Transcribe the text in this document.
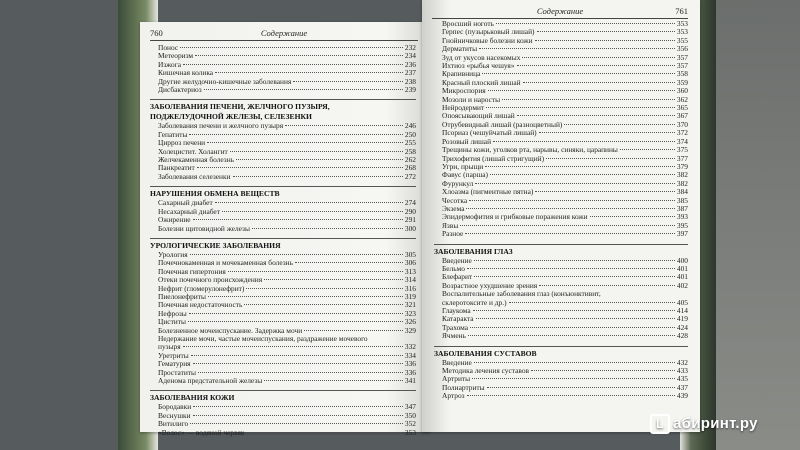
760	Содержание
Понос	232
Метеоризм	234
Изжога	236
Кишечная колика	237
Другие желудочно-кишечные заболевания	238
Дисбактериоз	239
ЗАБОЛЕВАНИЯ ПЕЧЕНИ, ЖЕЛЧНОГО ПУЗЫРЯ,
ПОДЖЕЛУДОЧНОЙ ЖЕЛЕЗЫ, СЕЛЕЗЕНКИ
Заболевания печени и желчного пузыря	246
Гепатиты	250
Цирроз печени	255
Холецистит. Холангит	258
Желчекаменная болезнь	262
Панкреатит	268
Заболевания селезенки	272
НАРУШЕНИЯ ОБМЕНА ВЕЩЕСТВ
Сахарный диабет	274
Несахарный диабет	290
Ожирение	291
Болезни щитовидной железы	300
УРОЛОГИЧЕСКИЕ ЗАБОЛЕВАНИЯ
Урология	305
Почечнокаменная и мочекаменная болезнь	306
Почечная гипертония	313
Отеки почечного происхождения	314
Нефрит (гломерулонефрит)	316
Пиелонефриты	319
Почечная недостаточность	321
Нефрозы	323
Циститы	326
Болезненное мочеиспускание. Задержка мочи	329
Недержание мочи, частые мочеиспускания, раздражение мочевого
пузыря	332
Уретриты	334
Гематурия	336
Простатиты	336
Аденома предстательной железы	341
ЗАБОЛЕВАНИЯ КОЖИ
Бородавки	347
Веснушки	350
Витилиго	352
«Волос» — водяной червяк	353
Содержание	761
Вросший ноготь	353
Герпес (пузырьковый лишай)	353
Гнойничковые болезни кожи	355
Дерматиты	356
Зуд от укусов насекомых	357
Ихтиоз «рыбья чешуя»	357
Крапивница	358
Красный плоский лишай	359
Микроспория	360
Мозоли и наросты	362
Нейродермит	365
Опоясывающий лишай	367
Отрубевидный лишай (разноцветный)	370
Псориаз (чешуйчатый лишай)	372
Розовый лишай	374
Трещины кожи, уголков рта, нарывы, синяки, царапины	375
Трихофития (лишай стригущий)	377
Угри, прыщи	379
Фавус (парша)	382
Фурункул	382
Хлоазма (пигментные пятна)	384
Чесотка	385
Экзема	387
Эпидермофития и грибковые поражения кожи	393
Язвы	395
Разное	397
ЗАБОЛЕВАНИЯ ГЛАЗ
Введение	400
Бельмо	401
Блефарит	401
Возрастное ухудшение зрения	402
Воспалительные заболевания глаз (конъюнктивит,
склеротоксите и др.)	405
Глаукома	414
Катаракта	419
Трахома	424
Ячмень	428
ЗАБОЛЕВАНИЯ СУСТАВОВ
Введение	432
Методика лечения суставов	433
Артриты	435
Полиартриты	437
Артроз	439
L абиринт.ру
